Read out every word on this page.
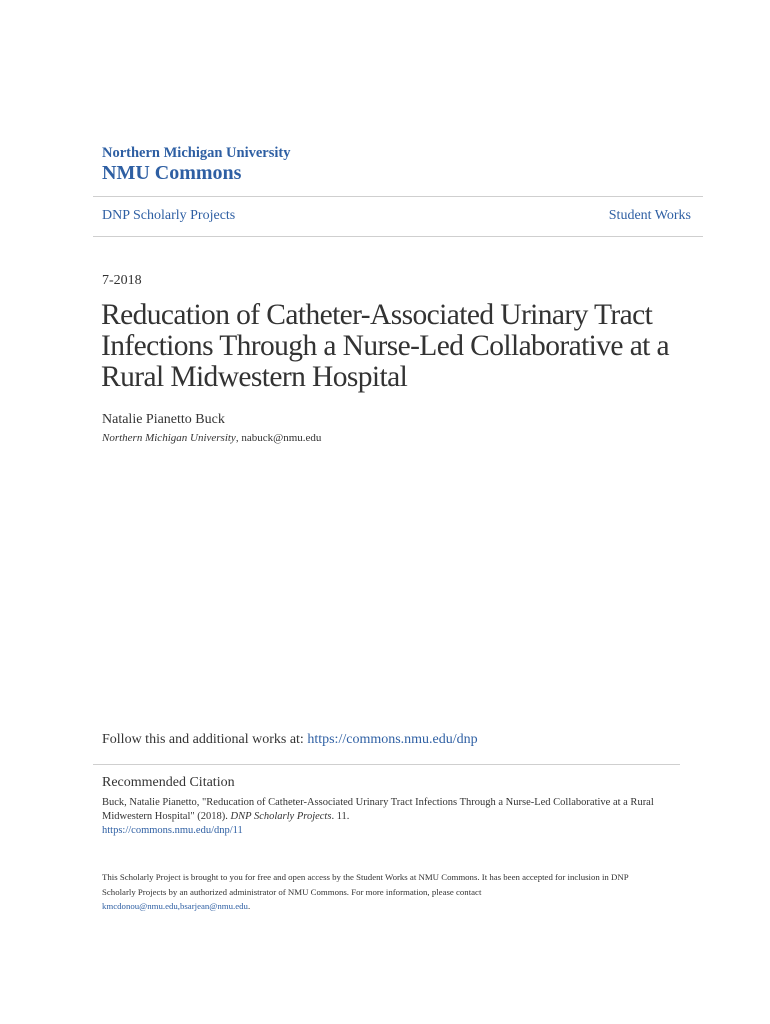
Northern Michigan University
NMU Commons
DNP Scholarly Projects	Student Works
7-2018
Reducation of Catheter-Associated Urinary Tract
Infections Through a Nurse-Led Collaborative at a
Rural Midwestern Hospital
Natalie Pianetto Buck
Northern Michigan University, nabuck@nmu.edu
Follow this and additional works at: https://commons.nmu.edu/dnp
Recommended Citation
Buck, Natalie Pianetto, "Reducation of Catheter-Associated Urinary Tract Infections Through a Nurse-Led Collaborative at a Rural
Midwestern Hospital" (2018). DNP Scholarly Projects. 11.
https://commons.nmu.edu/dnp/11
This Scholarly Project is brought to you for free and open access by the Student Works at NMU Commons. It has been accepted for inclusion in DNP
Scholarly Projects by an authorized administrator of NMU Commons. For more information, please contact
kmcdonou@nmu.edu,bsarjean@nmu.edu.
